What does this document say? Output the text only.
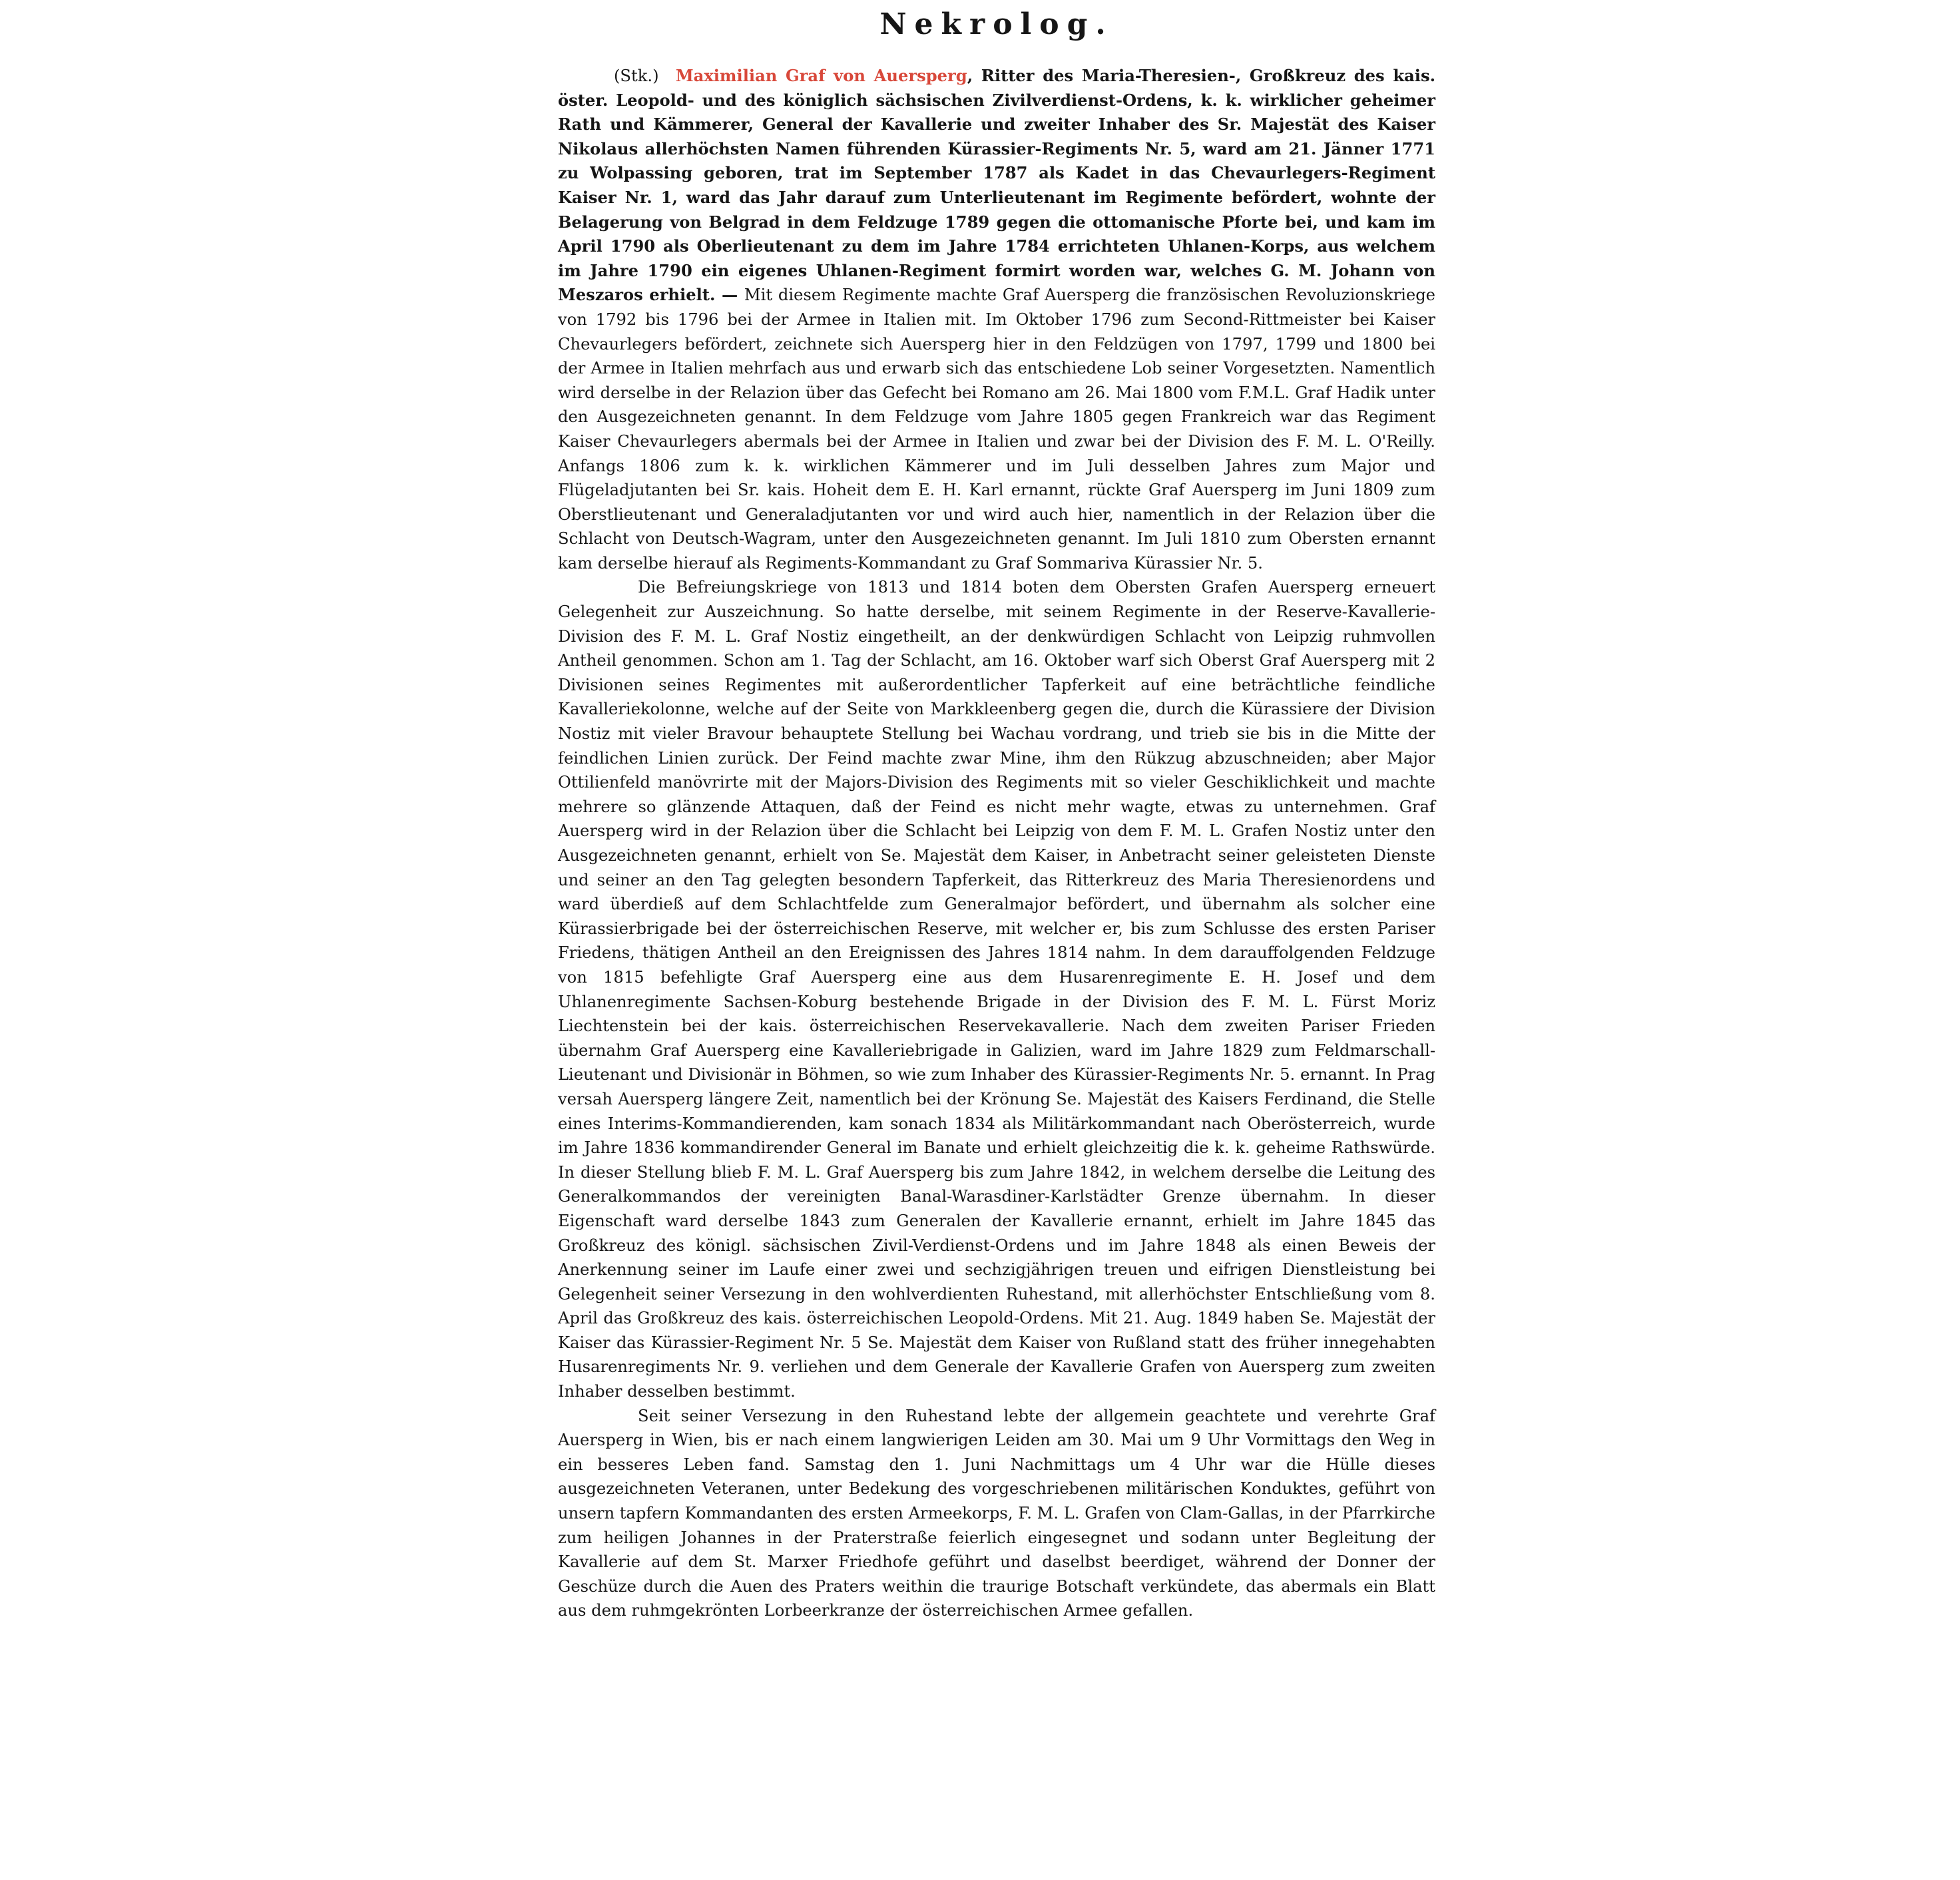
Nekrolog.

(Stk.) Maximilian Graf von Auersperg, Ritter des Maria-Theresien-, Großkreuz des kais. öster. Leopold- und des königlich sächsischen Zivilverdienst-Ordens, k. k. wirklicher geheimer Rath und Kämmerer, General der Kavallerie und zweiter Inhaber des Sr. Majestät des Kaiser Nikolaus allerhöchsten Namen führenden Kürassier-Regiments Nr. 5, ward am 21. Jänner 1771 zu Wolpassing geboren, trat im September 1787 als Kadet in das Chevaurlegers-Regiment Kaiser Nr. 1, ward das Jahr darauf zum Unterlieutenant im Regimente befördert, wohnte der Belagerung von Belgrad in dem Feldzuge 1789 gegen die ottomanische Pforte bei, und kam im April 1790 als Oberlieutenant zu dem im Jahre 1784 errichteten Uhlanen-Korps, aus welchem im Jahre 1790 ein eigenes Uhlanen-Regiment formirt worden war, welches G. M. Johann von Meszaros erhielt. — Mit diesem Regimente machte Graf Auersperg die französischen Revoluzionskriege von 1792 bis 1796 bei der Armee in Italien mit. Im Oktober 1796 zum Second-Rittmeister bei Kaiser Chevaurlegers befördert, zeichnete sich Auersperg hier in den Feldzügen von 1797, 1799 und 1800 bei der Armee in Italien mehrfach aus und erwarb sich das entschiedene Lob seiner Vorgesetzten. Namentlich wird derselbe in der Relazion über das Gefecht bei Romano am 26. Mai 1800 vom F.M.L. Graf Hadik unter den Ausgezeichneten genannt. In dem Feldzuge vom Jahre 1805 gegen Frankreich war das Regiment Kaiser Chevaurlegers abermals bei der Armee in Italien und zwar bei der Division des F. M. L. O'Reilly. Anfangs 1806 zum k. k. wirklichen Kämmerer und im Juli desselben Jahres zum Major und Flügeladjutanten bei Sr. kais. Hoheit dem E. H. Karl ernannt, rückte Graf Auersperg im Juni 1809 zum Oberstlieutenant und Generaladjutanten vor und wird auch hier, namentlich in der Relazion über die Schlacht von Deutsch-Wagram, unter den Ausgezeichneten genannt. Im Juli 1810 zum Obersten ernannt kam derselbe hierauf als Regiments-Kommandant zu Graf Sommariva Kürassier Nr. 5.

Die Befreiungskriege von 1813 und 1814 boten dem Obersten Grafen Auersperg erneuert Gelegenheit zur Auszeichnung. So hatte derselbe, mit seinem Regimente in der Reserve-Kavallerie-Division des F. M. L. Graf Nostiz eingetheilt, an der denkwürdigen Schlacht von Leipzig ruhmvollen Antheil genommen. Schon am 1. Tag der Schlacht, am 16. Oktober warf sich Oberst Graf Auersperg mit 2 Divisionen seines Regimentes mit außerordentlicher Tapferkeit auf eine beträchtliche feindliche Kavalleriekolonne, welche auf der Seite von Markkleenberg gegen die, durch die Kürassiere der Division Nostiz mit vieler Bravour behauptete Stellung bei Wachau vordrang, und trieb sie bis in die Mitte der feindlichen Linien zurück. Der Feind machte zwar Mine, ihm den Rükzug abzuschneiden; aber Major Ottilienfeld manövrirte mit der Majors-Division des Regiments mit so vieler Geschiklichkeit und machte mehrere so glänzende Attaquen, daß der Feind es nicht mehr wagte, etwas zu unternehmen. Graf Auersperg wird in der Relazion über die Schlacht bei Leipzig von dem F. M. L. Grafen Nostiz unter den Ausgezeichneten genannt, erhielt von Se. Majestät dem Kaiser, in Anbetracht seiner geleisteten Dienste und seiner an den Tag gelegten besondern Tapferkeit, das Ritterkreuz des Maria Theresienordens und ward überdieß auf dem Schlachtfelde zum Generalmajor befördert, und übernahm als solcher eine Kürassierbrigade bei der österreichischen Reserve, mit welcher er, bis zum Schlusse des ersten Pariser Friedens, thätigen Antheil an den Ereignissen des Jahres 1814 nahm. In dem darauffolgenden Feldzuge von 1815 befehligte Graf Auersperg eine aus dem Husarenregimente E. H. Josef und dem Uhlanenregimente Sachsen-Koburg bestehende Brigade in der Division des F. M. L. Fürst Moriz Liechtenstein bei der kais. österreichischen Reservekavallerie. Nach dem zweiten Pariser Frieden übernahm Graf Auersperg eine Kavalleriebrigade in Galizien, ward im Jahre 1829 zum Feldmarschall-Lieutenant und Divisionär in Böhmen, so wie zum Inhaber des Kürassier-Regiments Nr. 5. ernannt. In Prag versah Auersperg längere Zeit, namentlich bei der Krönung Se. Majestät des Kaisers Ferdinand, die Stelle eines Interims-Kommandierenden, kam sonach 1834 als Militärkommandant nach Oberösterreich, wurde im Jahre 1836 kommandirender General im Banate und erhielt gleichzeitig die k. k. geheime Rathswürde. In dieser Stellung blieb F. M. L. Graf Auersperg bis zum Jahre 1842, in welchem derselbe die Leitung des Generalkommandos der vereinigten Banal-Warasdiner-Karlstädter Grenze übernahm. In dieser Eigenschaft ward derselbe 1843 zum Generalen der Kavallerie ernannt, erhielt im Jahre 1845 das Großkreuz des königl. sächsischen Zivil-Verdienst-Ordens und im Jahre 1848 als einen Beweis der Anerkennung seiner im Laufe einer zwei und sechzigjährigen treuen und eifrigen Dienstleistung bei Gelegenheit seiner Versezung in den wohlverdienten Ruhestand, mit allerhöchster Entschließung vom 8. April das Großkreuz des kais. österreichischen Leopold-Ordens. Mit 21. Aug. 1849 haben Se. Majestät der Kaiser das Kürassier-Regiment Nr. 5 Se. Majestät dem Kaiser von Rußland statt des früher innegehabten Husarenregiments Nr. 9. verliehen und dem Generale der Kavallerie Grafen von Auersperg zum zweiten Inhaber desselben bestimmt.

Seit seiner Versezung in den Ruhestand lebte der allgemein geachtete und verehrte Graf Auersperg in Wien, bis er nach einem langwierigen Leiden am 30. Mai um 9 Uhr Vormittags den Weg in ein besseres Leben fand. Samstag den 1. Juni Nachmittags um 4 Uhr war die Hülle dieses ausgezeichneten Veteranen, unter Bedekung des vorgeschriebenen militärischen Konduktes, geführt von unsern tapfern Kommandanten des ersten Armeekorps, F. M. L. Grafen von Clam-Gallas, in der Pfarrkirche zum heiligen Johannes in der Praterstraße feierlich eingesegnet und sodann unter Begleitung der Kavallerie auf dem St. Marxer Friedhofe geführt und daselbst beerdiget, während der Donner der Geschüze durch die Auen des Praters weithin die traurige Botschaft verkündete, das abermals ein Blatt aus dem ruhmgekrönten Lorbeerkranze der österreichischen Armee gefallen.
